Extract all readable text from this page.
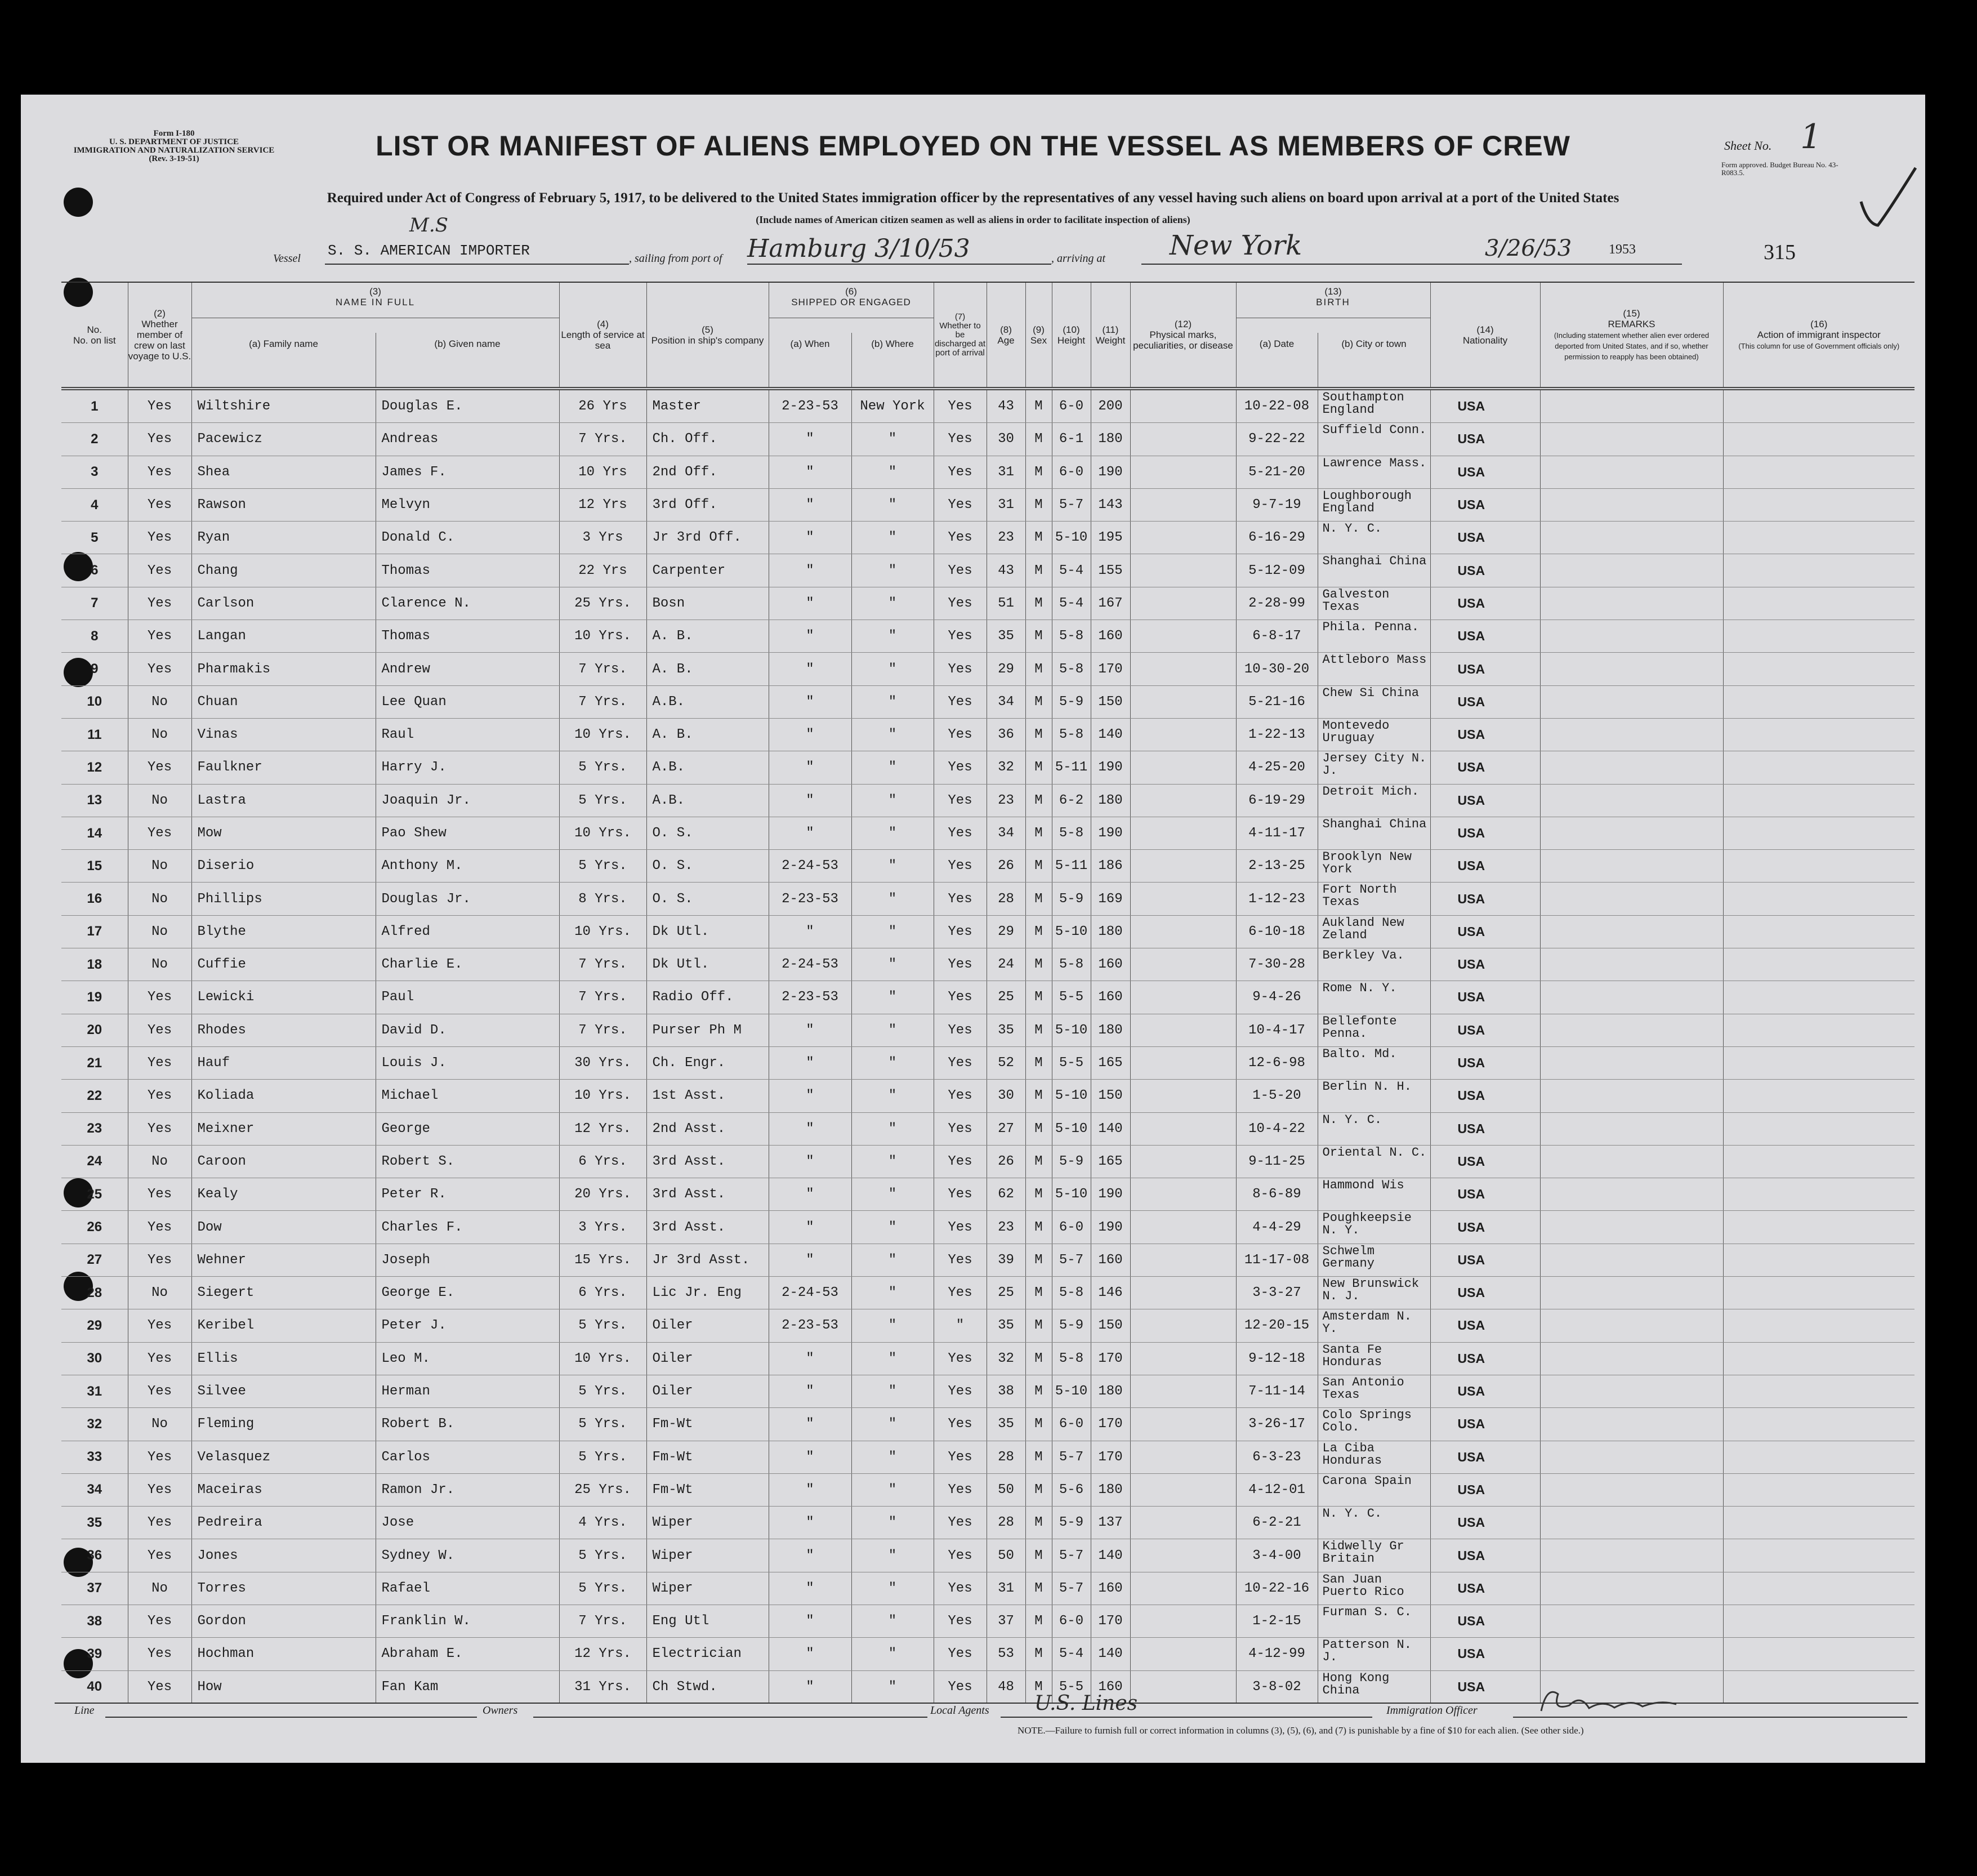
Form I-180
U. S. DEPARTMENT OF JUSTICE
IMMIGRATION AND NATURALIZATION SERVICE
(Rev. 3-19-51)	LIST OR MANIFEST OF ALIENS EMPLOYED ON THE VESSEL AS MEMBERS OF CREW	Sheet No. 1
Form approved. Budget Bureau No. 43-R083.5.
Required under Act of Congress of February 5, 1917, to be delivered to the United States immigration officer by the representatives of any vessel having such aliens on board upon arrival at a port of the United States
(Include names of American citizen seamen as well as aliens in order to facilitate inspection of aliens)
Vessel
M.S
S. S. AMERICAN IMPORTER	, sailing from port of Hamburg 3/10/53	, arriving at New York	3/26/53	1953	315
No.
No. on list	(2)
Whether member of crew on last voyage to U.S.	(3)
NAME IN FULL		(4)
Length of service at sea	(5)
Position in ship's company	(6)
SHIPPED OR ENGAGED		(7)
Whether to be discharged at port of arrival	(8)
Age	(9)
Sex	(10)
Height	(11)
Weight	(12)
Physical marks, peculiarities, or disease	(13)
BIRTH		(14)
Nationality	(15)
REMARKS
(Including statement whether alien ever ordered deported from United States, and if so, whether permission to reapply has been obtained)	(16)
Action of immigrant inspector
(This column for use of Government officials only)

		(a) Family name	(b) Given name			(a) When	(b) Where							(a) Date	(b) City or town			
1	Yes	Wiltshire	Douglas E.	26 Yrs	Master	2-23-53	New York	Yes	43	M	6-0	200		10-22-08	Southampton England	USA		
2	Yes	Pacewicz	Andreas	7 Yrs.	Ch. Off.	"	"	Yes	30	M	6-1	180		9-22-22	Suffield Conn.	USA		
3	Yes	Shea	James F.	10 Yrs	2nd Off.	"	"	Yes	31	M	6-0	190		5-21-20	Lawrence Mass.	USA		
4	Yes	Rawson	Melvyn	12 Yrs	3rd Off.	"	"	Yes	31	M	5-7	143		9-7-19	Loughborough England	USA		
5	Yes	Ryan	Donald C.	3 Yrs	Jr 3rd Off.	"	"	Yes	23	M	5-10	195		6-16-29	N. Y. C.	USA		
6	Yes	Chang	Thomas	22 Yrs	Carpenter	"	"	Yes	43	M	5-4	155		5-12-09	Shanghai China	USA		
7	Yes	Carlson	Clarence N.	25 Yrs.	Bosn	"	"	Yes	51	M	5-4	167		2-28-99	Galveston Texas	USA		
8	Yes	Langan	Thomas	10 Yrs.	A. B.	"	"	Yes	35	M	5-8	160		6-8-17	Phila. Penna.	USA		
9	Yes	Pharmakis	Andrew	7 Yrs.	A. B.	"	"	Yes	29	M	5-8	170		10-30-20	Attleboro Mass	USA		
10	No	Chuan	Lee Quan	7 Yrs.	A.B.	"	"	Yes	34	M	5-9	150		5-21-16	Chew Si China	USA		
11	No	Vinas	Raul	10 Yrs.	A. B.	"	"	Yes	36	M	5-8	140		1-22-13	Montevedo Uruguay	USA		
12	Yes	Faulkner	Harry J.	5 Yrs.	A.B.	"	"	Yes	32	M	5-11	190		4-25-20	Jersey City N. J.	USA		
13	No	Lastra	Joaquin Jr.	5 Yrs.	A.B.	"	"	Yes	23	M	6-2	180		6-19-29	Detroit Mich.	USA		
14	Yes	Mow	Pao Shew	10 Yrs.	O. S.	"	"	Yes	34	M	5-8	190		4-11-17	Shanghai China	USA		
15	No	Diserio	Anthony M.	5 Yrs.	O. S.	2-24-53	"	Yes	26	M	5-11	186		2-13-25	Brooklyn New York	USA		
16	No	Phillips	Douglas Jr.	8 Yrs.	O. S.	2-23-53	"	Yes	28	M	5-9	169		1-12-23	Fort North Texas	USA		
17	No	Blythe	Alfred	10 Yrs.	Dk Utl.	"	"	Yes	29	M	5-10	180		6-10-18	Aukland New Zeland	USA		
18	No	Cuffie	Charlie E.	7 Yrs.	Dk Utl.	2-24-53	"	Yes	24	M	5-8	160		7-30-28	Berkley Va.	USA		
19	Yes	Lewicki	Paul	7 Yrs.	Radio Off.	2-23-53	"	Yes	25	M	5-5	160		9-4-26	Rome N. Y.	USA		
20	Yes	Rhodes	David D.	7 Yrs.	Purser Ph M	"	"	Yes	35	M	5-10	180		10-4-17	Bellefonte Penna.	USA		
21	Yes	Hauf	Louis J.	30 Yrs.	Ch. Engr.	"	"	Yes	52	M	5-5	165		12-6-98	Balto. Md.	USA		
22	Yes	Koliada	Michael	10 Yrs.	1st Asst.	"	"	Yes	30	M	5-10	150		1-5-20	Berlin N. H.	USA		
23	Yes	Meixner	George	12 Yrs.	2nd Asst.	"	"	Yes	27	M	5-10	140		10-4-22	N. Y. C.	USA		
24	No	Caroon	Robert S.	6 Yrs.	3rd Asst.	"	"	Yes	26	M	5-9	165		9-11-25	Oriental N. C.	USA		
25	Yes	Kealy	Peter R.	20 Yrs.	3rd Asst.	"	"	Yes	62	M	5-10	190		8-6-89	Hammond Wis	USA		
26	Yes	Dow	Charles F.	3 Yrs.	3rd Asst.	"	"	Yes	23	M	6-0	190		4-4-29	Poughkeepsie N. Y.	USA		
27	Yes	Wehner	Joseph	15 Yrs.	Jr 3rd Asst.	"	"	Yes	39	M	5-7	160		11-17-08	Schwelm Germany	USA		
28	No	Siegert	George E.	6 Yrs.	Lic Jr. Eng	2-24-53	"	Yes	25	M	5-8	146		3-3-27	New Brunswick N. J.	USA		
29	Yes	Keribel	Peter J.	5 Yrs.	Oiler	2-23-53	"	"	35	M	5-9	150		12-20-15	Amsterdam N. Y.	USA		
30	Yes	Ellis	Leo M.	10 Yrs.	Oiler	"	"	Yes	32	M	5-8	170		9-12-18	Santa Fe Honduras	USA		
31	Yes	Silvee	Herman	5 Yrs.	Oiler	"	"	Yes	38	M	5-10	180		7-11-14	San Antonio Texas	USA		
32	No	Fleming	Robert B.	5 Yrs.	Fm-Wt	"	"	Yes	35	M	6-0	170		3-26-17	Colo Springs Colo.	USA		
33	Yes	Velasquez	Carlos	5 Yrs.	Fm-Wt	"	"	Yes	28	M	5-7	170		6-3-23	La Ciba Honduras	USA		
34	Yes	Maceiras	Ramon Jr.	25 Yrs.	Fm-Wt	"	"	Yes	50	M	5-6	180		4-12-01	Carona Spain	USA		
35	Yes	Pedreira	Jose	4 Yrs.	Wiper	"	"	Yes	28	M	5-9	137		6-2-21	N. Y. C.	USA		
36	Yes	Jones	Sydney W.	5 Yrs.	Wiper	"	"	Yes	50	M	5-7	140		3-4-00	Kidwelly Gr Britain	USA		
37	No	Torres	Rafael	5 Yrs.	Wiper	"	"	Yes	31	M	5-7	160		10-22-16	San Juan Puerto Rico	USA		
38	Yes	Gordon	Franklin W.	7 Yrs.	Eng Utl	"	"	Yes	37	M	6-0	170		1-2-15	Furman S. C.	USA		
39	Yes	Hochman	Abraham E.	12 Yrs.	Electrician	"	"	Yes	53	M	5-4	140		4-12-99	Patterson N. J.	USA		
40	Yes	How	Fan Kam	31 Yrs.	Ch Stwd.	"	"	Yes	48	M	5-5	160		3-8-02	Hong Kong China	USA		
Line	Owners	Local Agents U.S. Lines	Immigration Officer
NOTE.—Failure to furnish full or correct information in columns (3), (5), (6), and (7) is punishable by a fine of $10 for each alien. (See other side.)
